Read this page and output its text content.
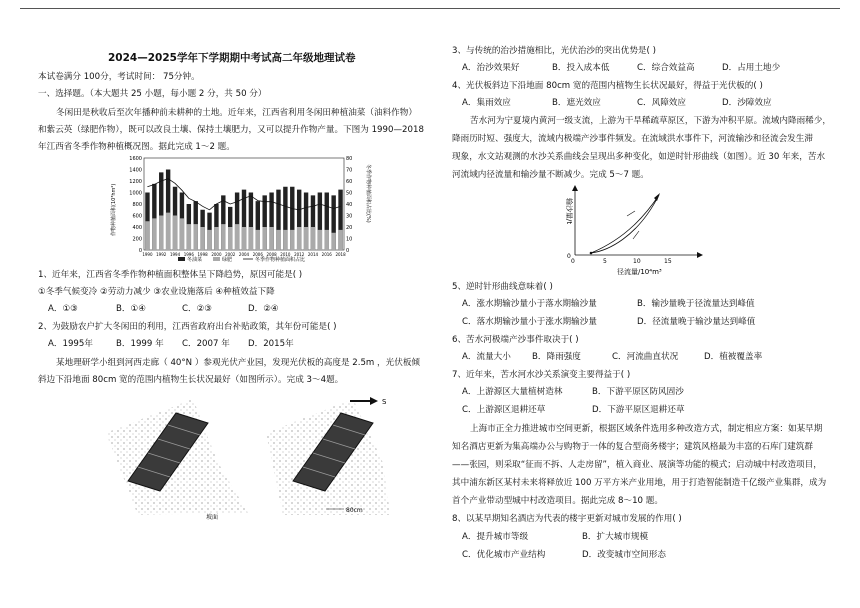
2024—2025学年下学期期中考试高二年级地理试卷
本试卷满分 100分，考试时间： 75分钟。
一、选择题。（本大题共 25 小题，每小题 2 分，共 50 分）
冬闲田是秋收后至次年播种前未耕种的土地。近年来，江西省利用冬闲田种植油菜（油料作物）
和紫云英（绿肥作物），既可以改良土壤、保持土壤肥力，又可以提升作物产量。下图为 1990—2018
年江西省冬季作物种植概况图。据此完成 1～2 题。
作物种植面积(10³hm²)	冬季作物种植面积占比(%)
0
200
400
600
800
1000
1200
1400
1600
0
10
20
30
40
50
60
70
80
1990 1992 1994 1996 1998 2000 2002 2004 2006 2008 2010 2012 2014 2016 2018
冬油菜	绿肥	冬季作物种植面积占比
1、近年来，江西省冬季作物种植面积整体呈下降趋势，原因可能是( )
①冬季气候变冷 ②劳动力减少 ③农业设施落后 ④种植效益下降
A．①③	B．①④	C．②③	D．②④
2、为鼓励农户扩大冬闲田的利用，江西省政府出台补贴政策，其年份可能是( )
A．1995年	B．1999 年 C．2007 年 D．2015年
某地理研学小组到河西走廊（ 40°N ）参观光伏产业园，发现光伏板的高度是 2.5m ，光伏板倾
斜边下沿地面 80cm 宽的范围内植物生长状况最好（如图所示）。完成 3～4题。
S
坡面
80cm
3、与传统的治沙措施相比，光伏治沙的突出优势是( )
A．治沙效果好	B．投入成本低	C．综合效益高	D．占用土地少
4、光伏板斜边下沿地面 80cm 宽的范围内植物生长状况最好，得益于光伏板的( )
A．集雨效应	B．遮光效应	C．风障效应	D．沙障效应
苦水河为宁夏境内黄河一级支流，上游为干旱稀疏草原区，下游为冲积平原。流域内降雨稀少，
降雨历时短、强度大，流域内极端产沙事件频发。在流域洪水事件下，河流输沙和径流会发生滞
现象，水文站观测的水沙关系曲线会呈现出多种变化，如逆时针形曲线（如图）。近 30 年来，苦水
河流域内径流量和输沙量不断减少。完成 5～7 题。
输沙量/t
0	5	10	15
0
径流量/10⁴m³
5、逆时针形曲线意味着( )
A．涨水期输沙量小于落水期输沙量	B．输沙量晚于径流量达到峰值
C．落水期输沙量小于涨水期输沙量	D．径流量晚于输沙量达到峰值
6、苦水河极端产沙事件取决于( )
A．流量大小 B．降雨强度	C．河流曲直状况	D．植被覆盖率
7、近年来，苦水河水沙关系演变主要得益于( )
A．上游源区大量植树造林	B．下游平原区防风固沙
C．上游源区退耕还草	D．下游平原区退耕还草
上海市正全力推进城市空间更新，根据区域条件选用多种改造方式，制定相应方案：如某早期
知名酒店更新为集高端办公与购物于一体的复合型商务楼宇；建筑风格最为丰富的石库门建筑群
——张园，则采取“征而不拆、人走房留”，植入商业、展演等功能的模式；启动城中村改造项目，
其中浦东新区某村未来将释放近 100 万平方米产业用地，用于打造智能制造千亿级产业集群，成为
首个产业带动型城中村改造项目。据此完成 8～10 题。
8、以某早期知名酒店为代表的楼宇更新对城市发展的作用( )
A．提升城市等级	B．扩大城市规模
C．优化城市产业结构	D．改变城市空间形态
